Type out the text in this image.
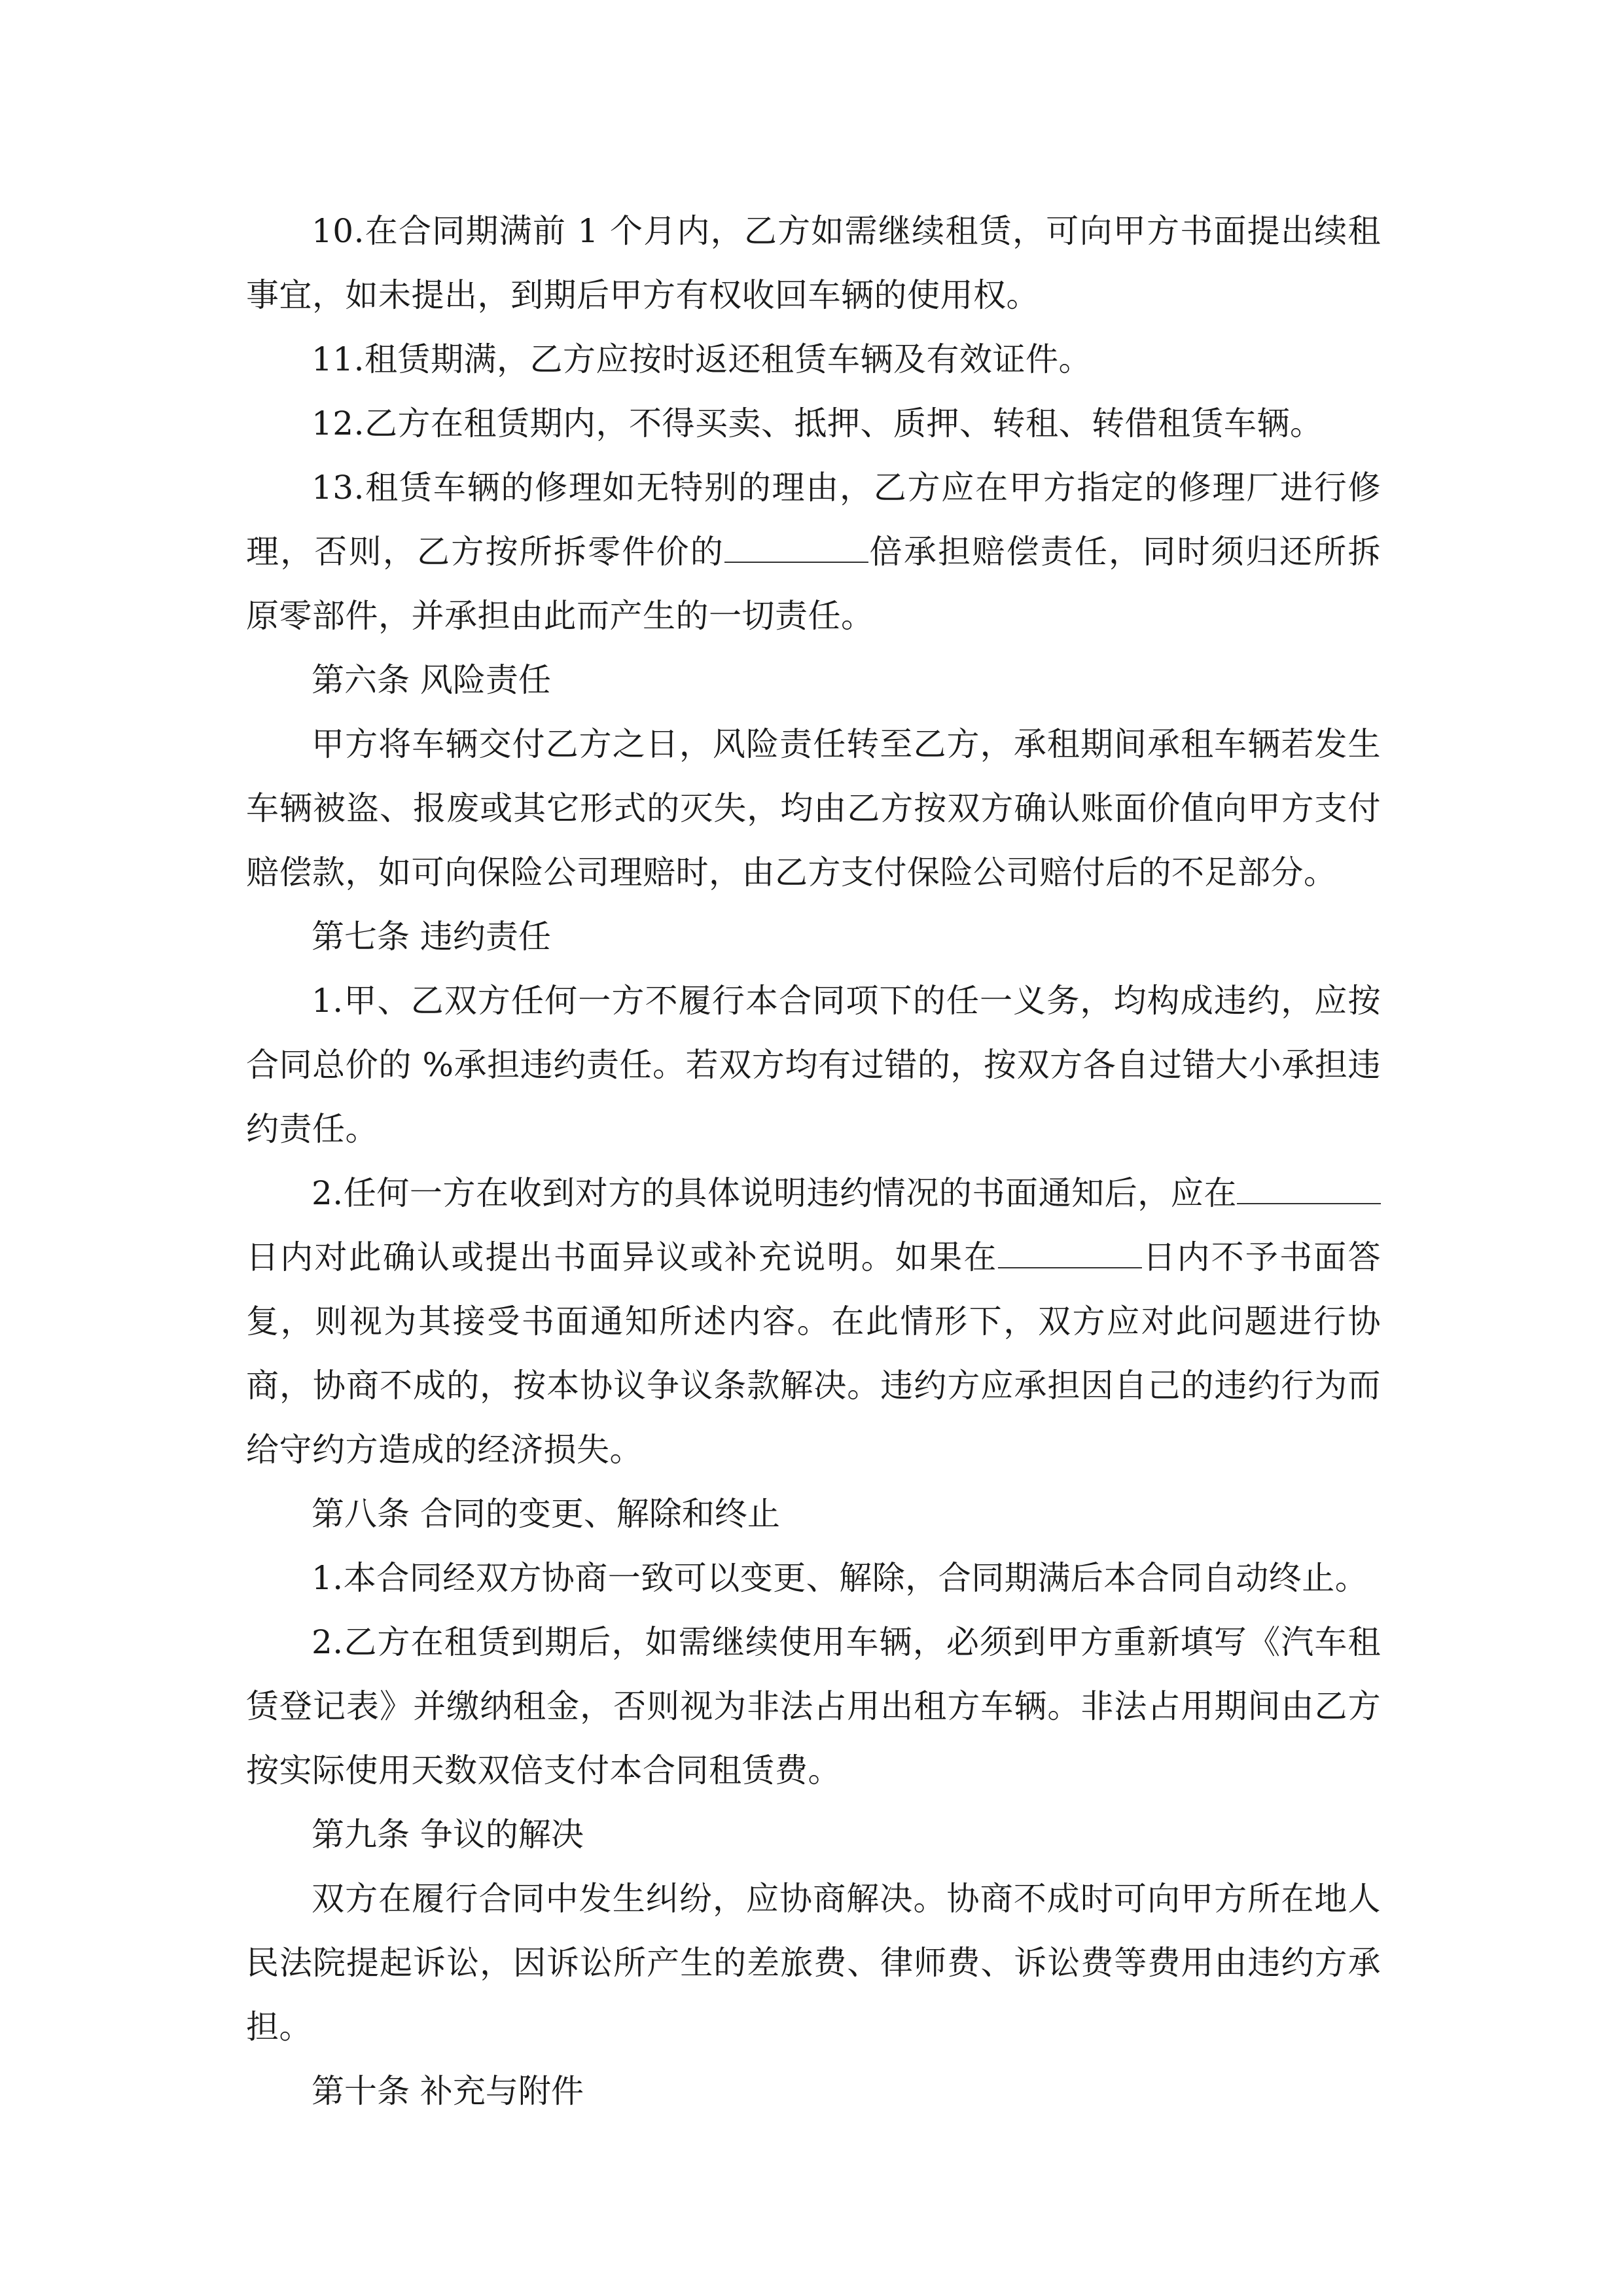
10.在合同期满前 1 个月内，乙方如需继续租赁，可向甲方书面提出续租事宜，如未提出，到期后甲方有权收回车辆的使用权。

11.租赁期满，乙方应按时返还租赁车辆及有效证件。

12.乙方在租赁期内，不得买卖、抵押、质押、转租、转借租赁车辆。

13.租赁车辆的修理如无特别的理由，乙方应在甲方指定的修理厂进行修理，否则，乙方按所拆零件价的	倍承担赔偿责任，同时须归还所拆原零部件，并承担由此而产生的一切责任。

第六条 风险责任

甲方将车辆交付乙方之日，风险责任转至乙方，承租期间承租车辆若发生车辆被盗、报废或其它形式的灭失，均由乙方按双方确认账面价值向甲方支付赔偿款，如可向保险公司理赔时，由乙方支付保险公司赔付后的不足部分。

第七条 违约责任

1.甲、乙双方任何一方不履行本合同项下的任一义务，均构成违约，应按合同总价的 %承担违约责任。若双方均有过错的，按双方各自过错大小承担违约责任。

2.任何一方在收到对方的具体说明违约情况的书面通知后，应在日内对此确认或提出书面异议或补充说明。如果在	日内不予书面答复，则视为其接受书面通知所述内容。在此情形下，双方应对此问题进行协商，协商不成的，按本协议争议条款解决。违约方应承担因自己的违约行为而给守约方造成的经济损失。

第八条 合同的变更、解除和终止

1.本合同经双方协商一致可以变更、解除，合同期满后本合同自动终止。

2.乙方在租赁到期后，如需继续使用车辆，必须到甲方重新填写《汽车租赁登记表》并缴纳租金，否则视为非法占用出租方车辆。非法占用期间由乙方按实际使用天数双倍支付本合同租赁费。

第九条 争议的解决

双方在履行合同中发生纠纷，应协商解决。协商不成时可向甲方所在地人民法院提起诉讼，因诉讼所产生的差旅费、律师费、诉讼费等费用由违约方承担。

第十条 补充与附件
